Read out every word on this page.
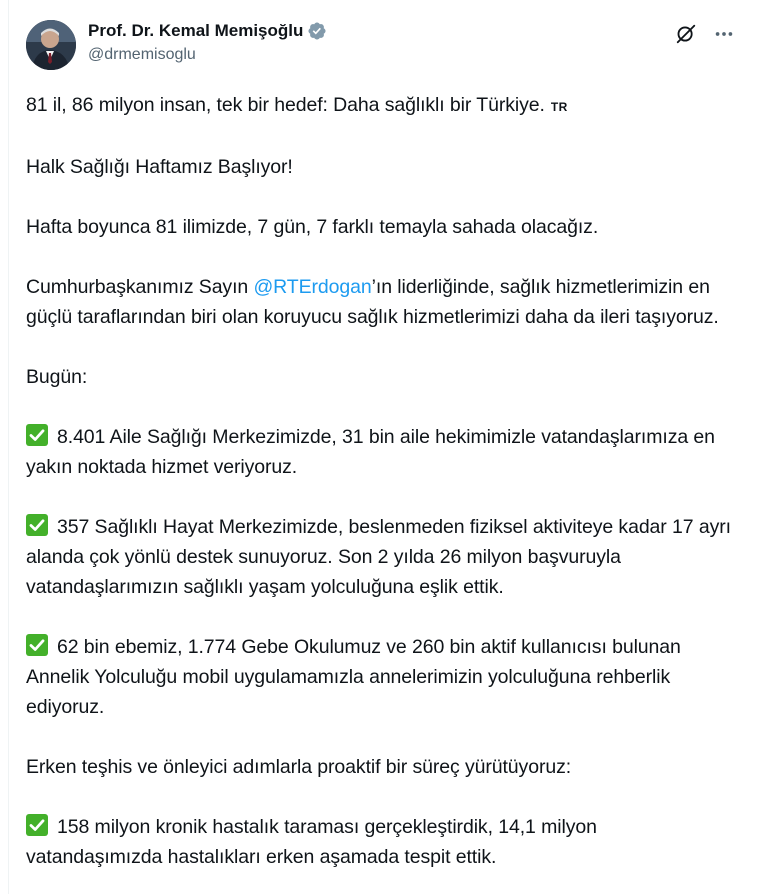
Prof. Dr. Kemal Memişoğlu
@drmemisoglu

81 il, 86 milyon insan, tek bir hedef: Daha sağlıklı bir Türkiye. TR

Halk Sağlığı Haftamız Başlıyor!

Hafta boyunca 81 ilimizde, 7 gün, 7 farklı temayla sahada olacağız.

Cumhurbaşkanımız Sayın @RTErdogan’ın liderliğinde, sağlık hizmetlerimizin en güçlü taraflarından biri olan koruyucu sağlık hizmetlerimizi daha da ileri taşıyoruz.

Bugün:

8.401 Aile Sağlığı Merkezimizde, 31 bin aile hekimimizle vatandaşlarımıza en yakın noktada hizmet veriyoruz.

357 Sağlıklı Hayat Merkezimizde, beslenmeden fiziksel aktiviteye kadar 17 ayrı alanda çok yönlü destek sunuyoruz. Son 2 yılda 26 milyon başvuruyla vatandaşlarımızın sağlıklı yaşam yolculuğuna eşlik ettik.

62 bin ebemiz, 1.774 Gebe Okulumuz ve 260 bin aktif kullanıcısı bulunan Annelik Yolculuğu mobil uygulamamızla annelerimizin yolculuğuna rehberlik ediyoruz.

Erken teşhis ve önleyici adımlarla proaktif bir süreç yürütüyoruz:

158 milyon kronik hastalık taraması gerçekleştirdik, 14,1 milyon vatandaşımızda hastalıkları erken aşamada tespit ettik.
